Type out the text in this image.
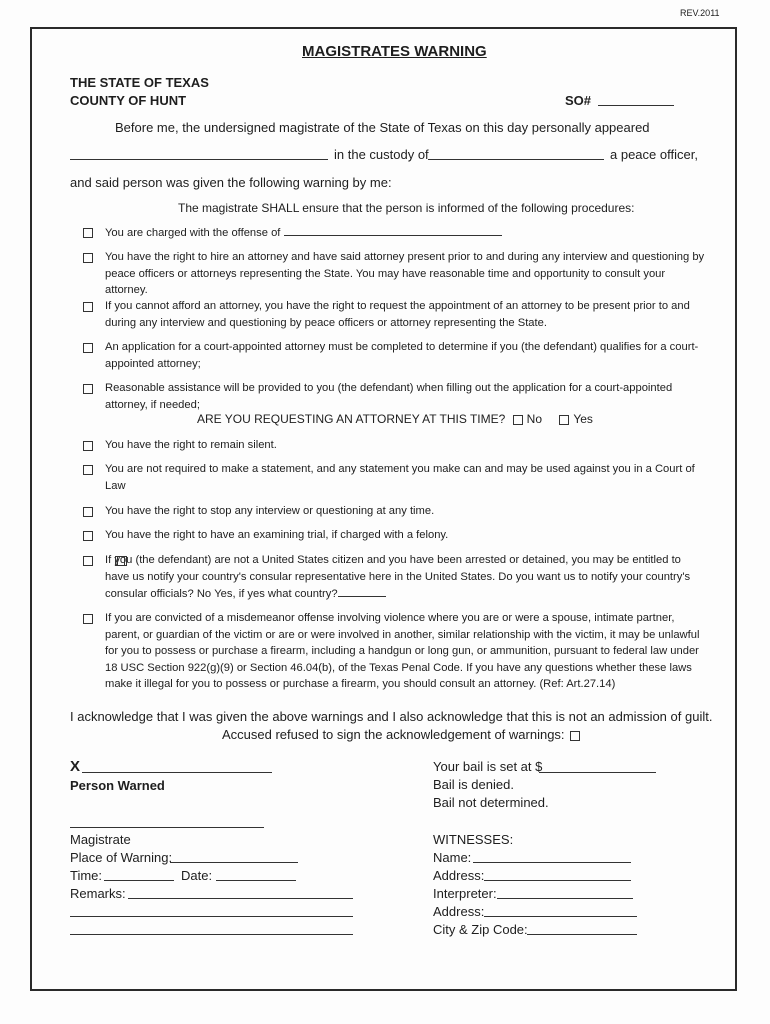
REV.2011
MAGISTRATES WARNING
THE STATE OF TEXAS
COUNTY OF HUNT	SO#
Before me, the undersigned magistrate of the State of Texas on this day personally appeared
in the custody of	a peace officer,
and said person was given the following warning by me:
The magistrate SHALL ensure that the person is informed of the following procedures:
You are charged with the offense of
You have the right to hire an attorney and have said attorney present prior to and during any interview and questioning by peace officers or attorneys representing the State. You may have reasonable time and opportunity to consult your attorney.
If you cannot afford an attorney, you have the right to request the appointment of an attorney to be present prior to and during any interview and questioning by peace officers or attorney representing the State.
An application for a court-appointed attorney must be completed to determine if you (the defendant) qualifies for a court-appointed attorney;
Reasonable assistance will be provided to you (the defendant) when filling out the application for a court-appointed attorney, if needed;
ARE YOU REQUESTING AN ATTORNEY AT THIS TIME? No	Yes
You have the right to remain silent.
You are not required to make a statement, and any statement you make can and may be used against you in a Court of Law
You have the right to stop any interview or questioning at any time.
You have the right to have an examining trial, if charged with a felony.
If you (the defendant) are not a United States citizen and you have been arrested or detained, you may be entitled to have us notify your country's consular representative here in the United States. Do you want us to notify your country's consular officials? No Yes, if yes what country?
If you are convicted of a misdemeanor offense involving violence where you are or were a spouse, intimate partner, parent, or guardian of the victim or are or were involved in another, similar relationship with the victim, it may be unlawful for you to possess or purchase a firearm, including a handgun or long gun, or ammunition, pursuant to federal law under 18 USC Section 922(g)(9) or Section 46.04(b), of the Texas Penal Code. If you have any questions whether these laws make it illegal for you to possess or purchase a firearm, you should consult an attorney. (Ref: Art.27.14)
I acknowledge that I was given the above warnings and I also acknowledge that this is not an admission of guilt.
Accused refused to sign the acknowledgement of warnings:
X
Person Warned
Your bail is set at $
Bail is denied.
Bail not determined.
Magistrate
Place of Warning:
Time:	Date:
Remarks:
WITNESSES:
Name:
Address:
Interpreter:
Address:
City & Zip Code:
